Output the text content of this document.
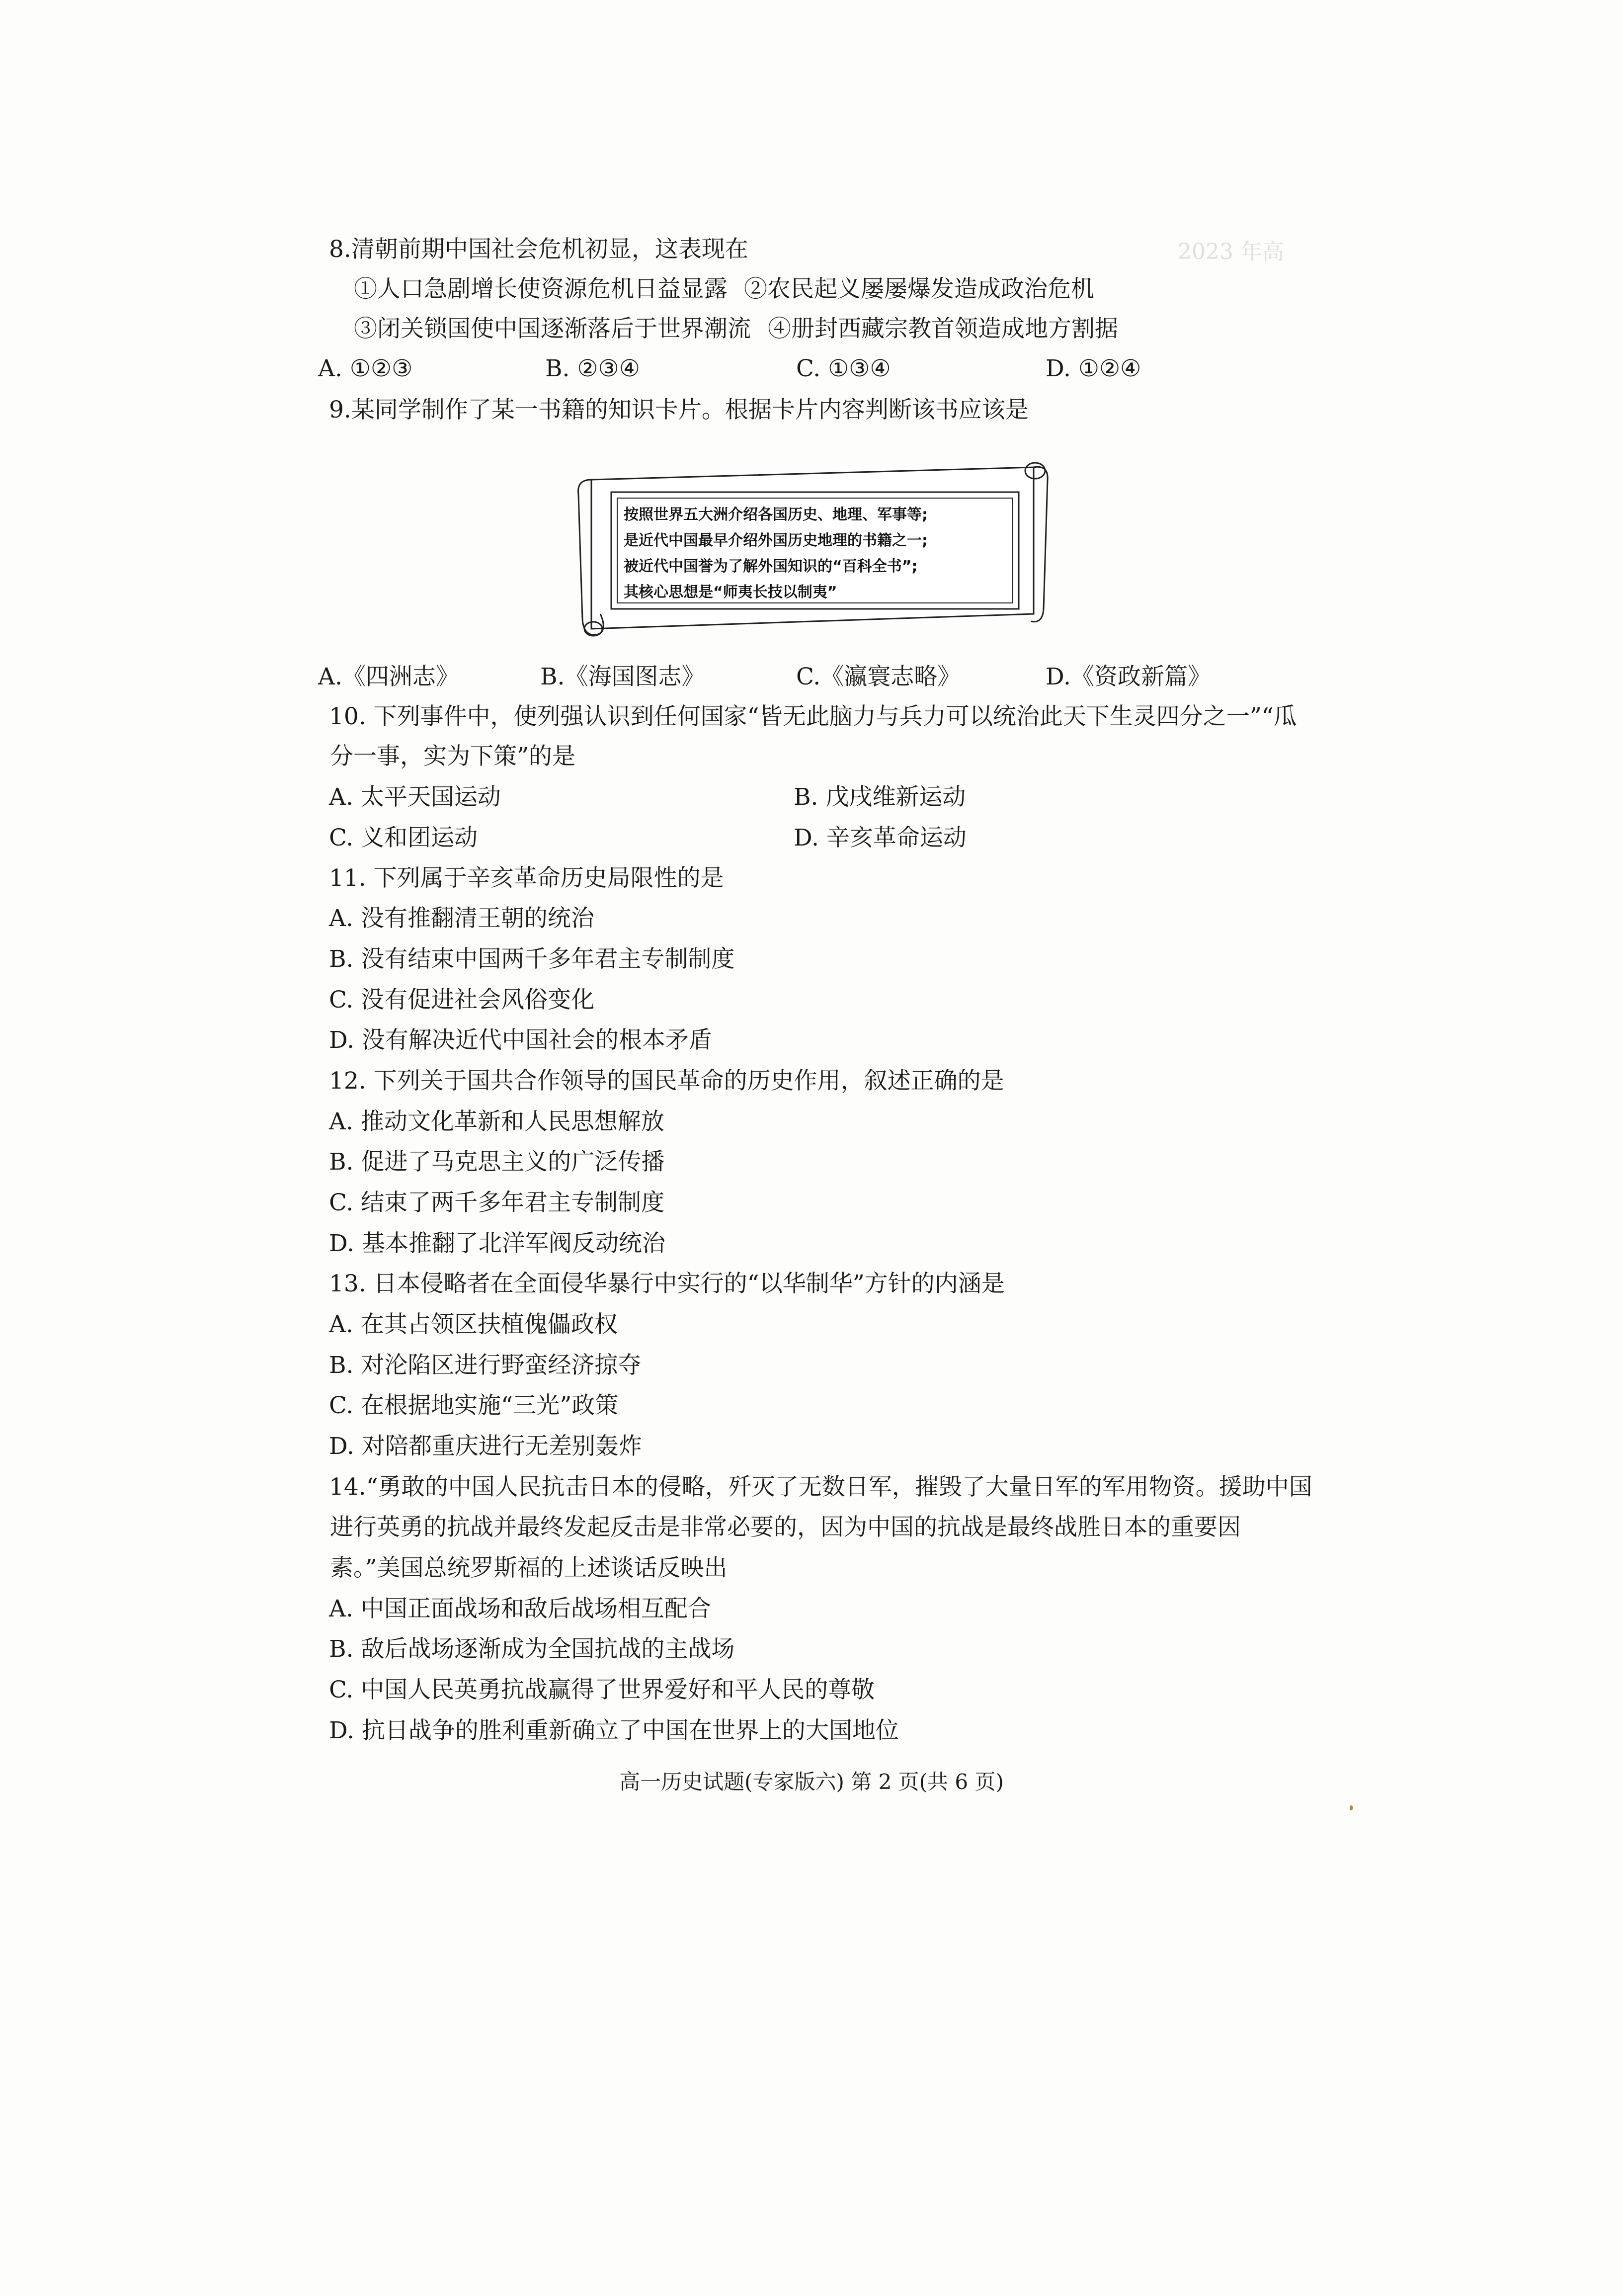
2023 年高
8.清朝前期中国社会危机初显，这表现在
①人口急剧增长使资源危机日益显露 ②农民起义屡屡爆发造成政治危机
③闭关锁国使中国逐渐落后于世界潮流 ④册封西藏宗教首领造成地方割据
A. ①②③	B. ②③④	C. ①③④	D. ①②④
9.某同学制作了某一书籍的知识卡片。根据卡片内容判断该书应该是
按照世界五大洲介绍各国历史、地理、军事等;
是近代中国最早介绍外国历史地理的书籍之一;
被近代中国誉为了解外国知识的“百科全书”;
其核心思想是“师夷长技以制夷”
A.《四洲志》	B.《海国图志》	C.《瀛寰志略》	D.《资政新篇》
10. 下列事件中，使列强认识到任何国家“皆无此脑力与兵力可以统治此天下生灵四分之一”“瓜
分一事，实为下策”的是
A. 太平天国运动	B. 戊戌维新运动
C. 义和团运动	D. 辛亥革命运动
11. 下列属于辛亥革命历史局限性的是
A. 没有推翻清王朝的统治
B. 没有结束中国两千多年君主专制制度
C. 没有促进社会风俗变化
D. 没有解决近代中国社会的根本矛盾
12. 下列关于国共合作领导的国民革命的历史作用，叙述正确的是
A. 推动文化革新和人民思想解放
B. 促进了马克思主义的广泛传播
C. 结束了两千多年君主专制制度
D. 基本推翻了北洋军阀反动统治
13. 日本侵略者在全面侵华暴行中实行的“以华制华”方针的内涵是
A. 在其占领区扶植傀儡政权
B. 对沦陷区进行野蛮经济掠夺
C. 在根据地实施“三光”政策
D. 对陪都重庆进行无差别轰炸
14.“勇敢的中国人民抗击日本的侵略，歼灭了无数日军，摧毁了大量日军的军用物资。援助中国
进行英勇的抗战并最终发起反击是非常必要的，因为中国的抗战是最终战胜日本的重要因
素。”美国总统罗斯福的上述谈话反映出
A. 中国正面战场和敌后战场相互配合
B. 敌后战场逐渐成为全国抗战的主战场
C. 中国人民英勇抗战赢得了世界爱好和平人民的尊敬
D. 抗日战争的胜利重新确立了中国在世界上的大国地位
高一历史试题(专家版六) 第 2 页(共 6 页)
